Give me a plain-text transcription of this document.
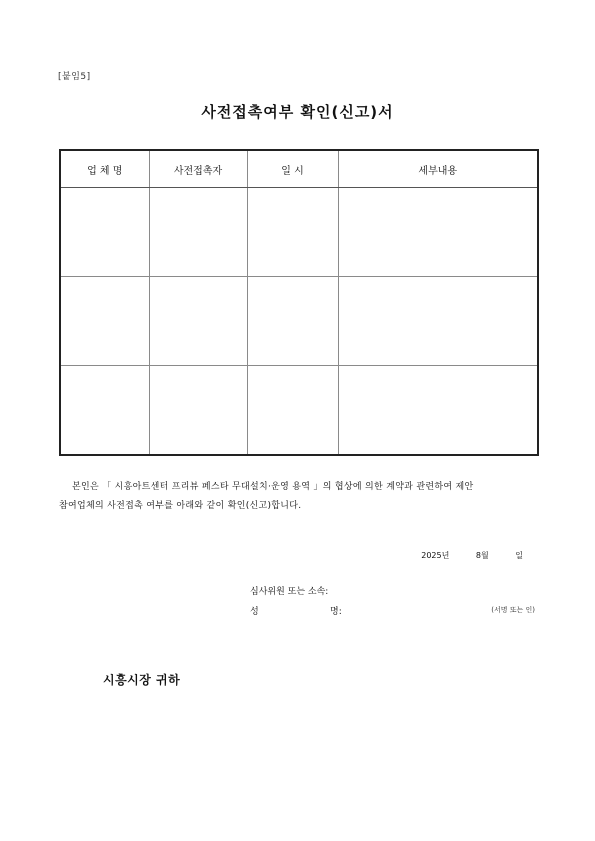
[붙임5]
사전접촉여부 확인(신고)서
업 체 명	사전접촉자	일 시	세부내용

본인은 「 시흥아트센터 프리뷰 페스타 무대설치·운영 용역 」의 협상에 의한 계약과 관련하여 제안
참여업체의 사전접촉 여부를 아래와 같이 확인(신고)합니다.
2025년	8월	일
심사위원 또는 소속:
성	명:	(서명 또는 인)
시흥시장 귀하
